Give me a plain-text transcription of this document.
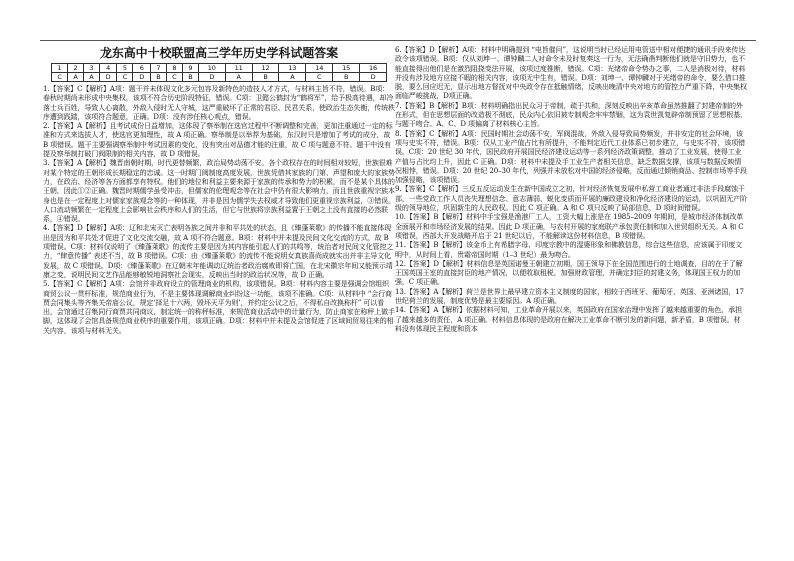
龙东高中十校联盟高三学年历史学科试题答案
1	2	3	4	5	6	7	8	9	10	11	12	13	14	15	16
C	A	A	D	C	D	B	C	B	D	A	B	A	C	B	D
1.【答案】C【解析】A项：题干并未体现文化多元包容及新特色的造技人才方式，与材料主旨不符，错误。B项：春秋时期尚未形成中央集权，该项不符合历史阶段特征，错误。C项：卫懿公鹤封为“鹤将军”，给予极高待遇，却冷落士兵百姓，导致人心离散，外敌入侵时无人守城，这严重破坏了正常的君臣、民君关系，使政治生态失衡，传统秩序遭到践踏，该项符合题意，正确。D项：没有涉任核心观点，错误。
2.【答案】A【解析】且考试成份日益增加，这体现了察举制在选官过程中不断调整和完善，更加注重通过一定的标准和方式来选拔人才，使选官更加理性，故 A 项正确。察举制是以举荐为基础，东汉时只是增加了考试的成分，故 B 项错误。题干主要强调察举制中考试因素的变化，没有突出对品德才能的注重，故 C 项与题意不符。题干中没有提及察举制打破门阀限制的相关内容，故 D 项错误。
3.【答案】A【解析】魏晋南朝时期，时代更替频繁，政治局势动荡不安。各个政权存在的时间相对较短，世族很难对某个特定的王朝形成长期稳定的忠诚。这一时期门阀制度高度发展，世族凭借其家族的门第、声望和庞大的家族势力，在政治、经济等各方面都享有特权。他们的地位和利益主要来源于家族的传承和势力的积累，而不是某个具体的王朝，因此①②正确。魏晋时期儒学虽受冲击，但儒家的伦理观念等在社会中仍有很大影响力，而且世族重视宗族本身也是在一定程度上对儒家家族观念等的一种体现，并非是因为儒学失去权威才导致他们更重视宗族利益，③错误。人口流动频繁在一定程度上会影响社会秩序和人们的生活，但它与世族将宗族利益置于王朝之上没有直接的必然联系，④错误。
4.【答案】D【解析】A项：辽和北宋灭亡表明各族之间并非和平共处的状态，且《臻蓬莱歌》的传播不能直接体现出是因为和平共处才促进了文化交流交融，故 A 项不符合题意。B项：材料中并未提及民间文化交流的方式，故 B 项错误。C项：材料仅说明了《臻蓬莱歌》的流传主要是因为其内容能引起人们的共鸣等，统治者对民间文化管控之力，“肆意传播” 表述不当，故 B 项错误。C项：由《臻蓬莱歌》的流传不能说明女真族喜尚成就实出并非主导文化发展，故 C 项错误。D项：《臻蓬莱歌》在辽朝末年能调动辽统治者政治腐败即将亡国，在北宋徽宗年间又能预示靖康之变，说明民间文艺作品能够敏锐地洞察社会现实，反映出当时的政治状况等，故 D 正确。
5.【答案】C【解析】A项：会馆并非政府设立的管理商业的机构，该项错误。B项：材料内容主要是强调会馆组织商贸公议一贯杆标准，规范商业行为，不是主要体现调解商业纠纷这一功能，该项不准确。C项：从材料中 “会行商贾会同集头等齐集关帝庙公议，规定‘择足十六两，毁坏天平为则’，并约定公议之后，不得私自改换称杆” 可以看出，会馆通过召集同行商贾共同商议，制定统一的称秤标准，来规范商业活动中的计量行为，防止商家在称秤上做手脚，这体现了会馆具备规范商业秩序的重要作用，该项正确。D项：材料中并未提及会馆促进了区域间贸易往来的相关内容，该项与材料无关。
6.【答案】D【解析】A项：材料中明确提到 “电旨催问”，这说明当时已经运用电管送中相对便捷的通讯手段来传达政令该项错误。B项：仅从刘坤一、谭钟麟二人对命令未及时复奏这一行为，无法确凿判断他们就是守旧势力，也不能直接得出他们是在激烈阻挠变法开展，该项过度推断，错误。C项：光绪帝命令势办之事，二人是消极对待，材料并没有涉及地方应接不暇的相关内容，该项无中生有，错误。D项：刘坤一、谭钟麟对于光绪帝的命令，要么借口推脱，要么回应迟无，显示出地方督抚对中央政令存在抵触情绪，反映出晚清中央对地方的管控力严重下降，中央集权面临严峻挑战，D项正确。
7.【答案】B【解析】B项：材料明确指出民众习于帝制，疏于共和，深刻反映出辛亥革命虽然推翻了封建帝制的外在形式，但在思想层面的改造极不彻底，民众内心依旧被专制观念牢牢禁锢，这为袁世凯复辟帝制预留了思想根基，与题干吻合。A、C、D 项偏离了材料核心主旨。
8.【答案】C【解析】A项：民国时期社会动荡不安，军阀混战，外敌入侵导致局势频发，并非安定的社会环境，该项与史实不符，错误。B项：仅从工业产值占比有所提升，不能判定近代工业体系已初步建立，与史实不符，该项错误。C项：20 世纪 30 年代，国民政府开展国民经济建设运动等一系列经济政策调整，推动了工业发展，使得工业产值与占比均上升，因此 C 正确。D项：材料中未提及手工业生产者相关信息，缺乏数据支撑，该项与数据反映情况相悖，错误。D项：20 世纪 20–30 年代，列强并未放松对中国的经济侵略，反而通过倾销商品、控制市场等手段加强侵略，该项错误。
9.【答案】C【解析】三反五反运动发生在新中国成立之初，针对经济恢复发展中私营工商业者通过非法手段腐蚀干部，一些党政工作人员丧失理想信念、意志薄弱、蜕化变质而开展的廉政建设和净化经济建设的运动，以巩固无产阶级的领导地位，巩固新生的人民政权。因此 C 项正确。A 和 C 项只反映了局部信息，D 项时间错误。
10.【答案】B【解析】材料中手宝强是渔港厂工人，工资大幅上涨是在 1985–2009 年期间，是城市经济体制改革全面展开和市场经济发展的结果。因此 D 项正确，与农村开展的家庭联产承包责任制和加入世贸组织无关。A 和 C 项错误，西部大开发战略开启于 21 世纪以后，不能解读这份材料信息，B 项错误。
11.【答案】B【解析】该金币上有希腊字母、印度宗教中的湿婆形象和佛教信息，综合这些信息，应该属于印度文明中，从时间上看，贵霜帝国时期（1–3 世纪）最为吻合。
12.【答案】D【解析】材料信息是英国诺曼王朝建立初期，国王领导下在全国范围进行的土地调查，目的在于了解王国英国王室的直接封臣的地产情况，以便收取租税，加强财政管理，并确定封臣的封建义务，体现国王权力的加强，C 项正确。
13.【答案】A【解析】荷兰是世界上最早建立资本主义制度的国家，相较于西班牙、葡萄牙、英国、亚洲诸国，17 世纪荷兰的发展，制度优势是最主要原因。A 项正确。
14.【答案】A【解析】依据材料可知，工业革命开展以来，英国政府在国家治理中发挥了越来越重要的角色，承担了越来越多的责任，A 项正确。材料信息体现的是政府在解决工业革命不断引发的新问题，新矛盾，B 项错误。材料没有体现民主程度和资本
